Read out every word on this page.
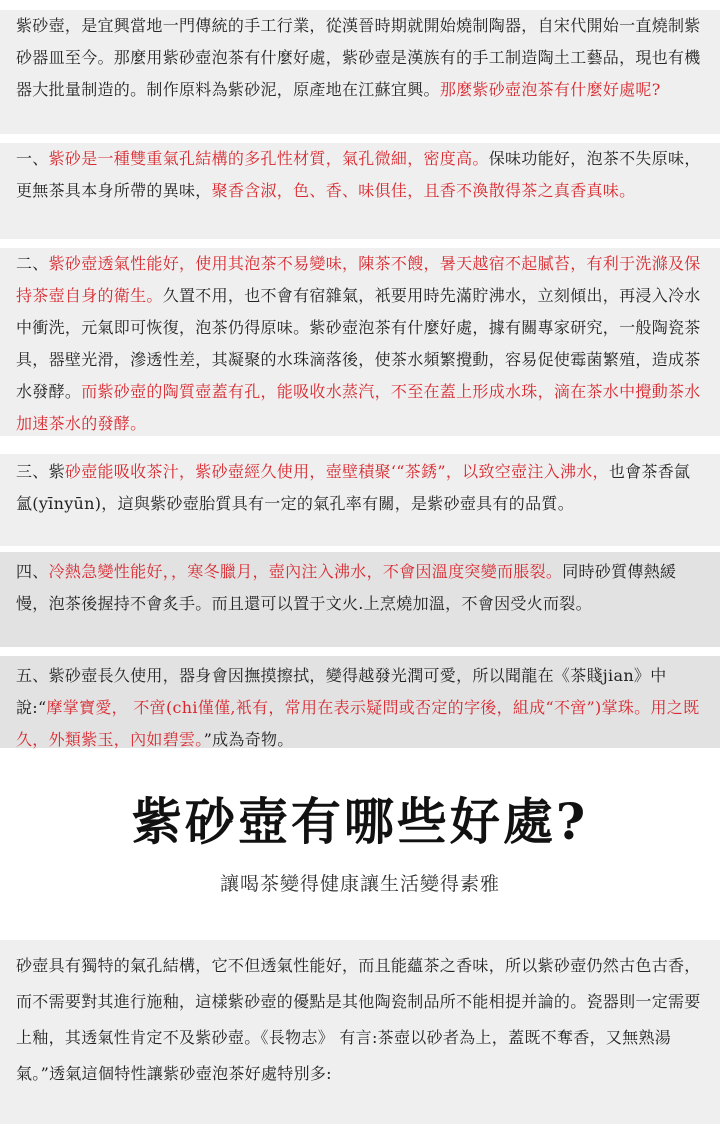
紫砂壺，是宜興當地一門傳統的手工行業，從漢晉時期就開始燒制陶器，自宋代開始一直燒制紫砂器皿至今。那麼用紫砂壺泡茶有什麼好處，紫砂壺是漢族有的手工制造陶土工藝品，現也有機器大批量制造的。制作原料為紫砂泥，原產地在江蘇宜興。那麼紫砂壺泡茶有什麼好處呢?

一、紫砂是一種雙重氣孔結構的多孔性材質，氣孔微細，密度高。保味功能好，泡茶不失原味，更無茶具本身所帶的異味，聚香含淑，色、香、味俱佳，且香不渙散得茶之真香真味。

二、紫砂壺透氣性能好，使用其泡茶不易變味，陳茶不餿，暑天越宿不起膩苔，有利于洗滌及保持茶壺自身的衛生。久置不用，也不會有宿雜氣，衹要用時先滿貯沸水，立刻傾出，再浸入冷水中衝洗，元氣即可恢復，泡茶仍得原味。紫砂壺泡茶有什麼好處，據有關專家研究，一般陶瓷茶具，器壁光滑，滲透性差，其凝聚的水珠滴落後，使茶水頻繁攪動，容易促使霉菌繁殖，造成茶水發酵。而紫砂壺的陶質壺蓋有孔，能吸收水蒸汽，不至在蓋上形成水珠，滴在茶水中攪動茶水加速茶水的發酵。

三、紫砂壺能吸收茶汁，紫砂壺經久使用，壺壁積聚‘“茶銹”，以致空壺注入沸水，也會茶香氤氳(yīnyūn)，這與紫砂壺胎質具有一定的氣孔率有關，是紫砂壺具有的品質。

四、冷熱急變性能好，，寒冬臘月，壺內注入沸水，不會因溫度突變而脹裂。同時砂質傳熱緩慢，泡茶後握持不會炙手。而且還可以置于文火.上烹燒加溫，不會因受火而裂。

五、紫砂壺長久使用，器身會因撫摸擦拭，變得越發光潤可愛，所以聞龍在《茶賤jian》中說:“摩掌寶愛， 不啻(chi僅僅,衹有，常用在表示疑問或否定的字後，組成“不啻”)掌珠。用之既久，外類紫玉，內如碧雲。”成為奇物。

紫砂壺有哪些好處?
讓喝茶變得健康讓生活變得素雅

砂壺具有獨特的氣孔結構，它不但透氣性能好，而且能蘊茶之香味，所以紫砂壺仍然古色古香，而不需要對其進行施釉，這樣紫砂壺的優點是其他陶瓷制品所不能相提并論的。瓷器則一定需要上釉，其透氣性肯定不及紫砂壺。《長物志》 有言:茶壺以砂者為上，蓋既不奪香，又無熟湯氣。”透氣這個特性讓紫砂壺泡茶好處特別多:
